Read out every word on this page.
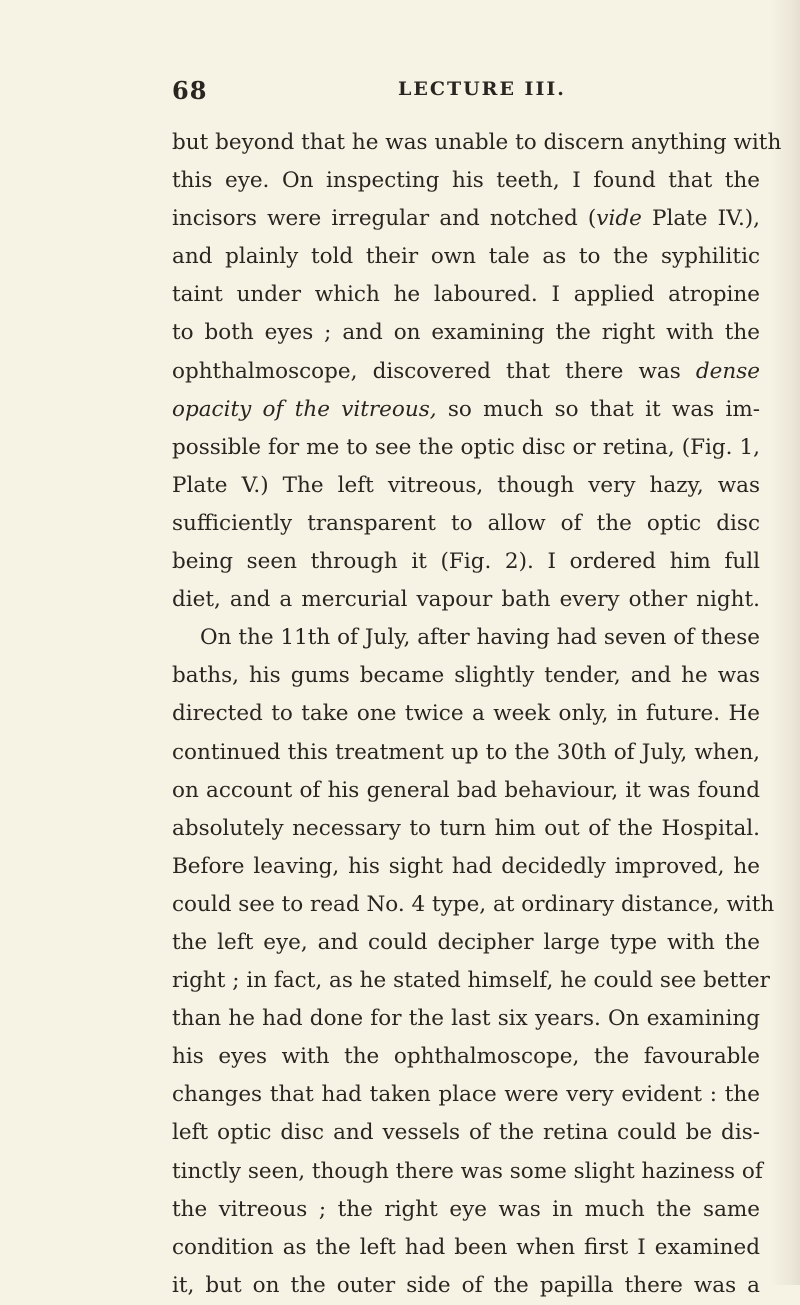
68	LECTURE III.
but beyond that he was unable to discern anything with
this eye. On inspecting his teeth, I found that the
incisors were irregular and notched (vide Plate IV.),
and plainly told their own tale as to the syphilitic
taint under which he laboured. I applied atropine
to both eyes ; and on examining the right with the
ophthalmoscope, discovered that there was dense
opacity of the vitreous, so much so that it was im-
possible for me to see the optic disc or retina, (Fig. 1,
Plate V.) The left vitreous, though very hazy, was
sufficiently transparent to allow of the optic disc
being seen through it (Fig. 2). I ordered him full
diet, and a mercurial vapour bath every other night.
On the 11th of July, after having had seven of these
baths, his gums became slightly tender, and he was
directed to take one twice a week only, in future. He
continued this treatment up to the 30th of July, when,
on account of his general bad behaviour, it was found
absolutely necessary to turn him out of the Hospital.
Before leaving, his sight had decidedly improved, he
could see to read No. 4 type, at ordinary distance, with
the left eye, and could decipher large type with the
right ; in fact, as he stated himself, he could see better
than he had done for the last six years. On examining
his eyes with the ophthalmoscope, the favourable
changes that had taken place were very evident : the
left optic disc and vessels of the retina could be dis-
tinctly seen, though there was some slight haziness of
the vitreous ; the right eye was in much the same
condition as the left had been when first I examined
it, but on the outer side of the papilla there was a
